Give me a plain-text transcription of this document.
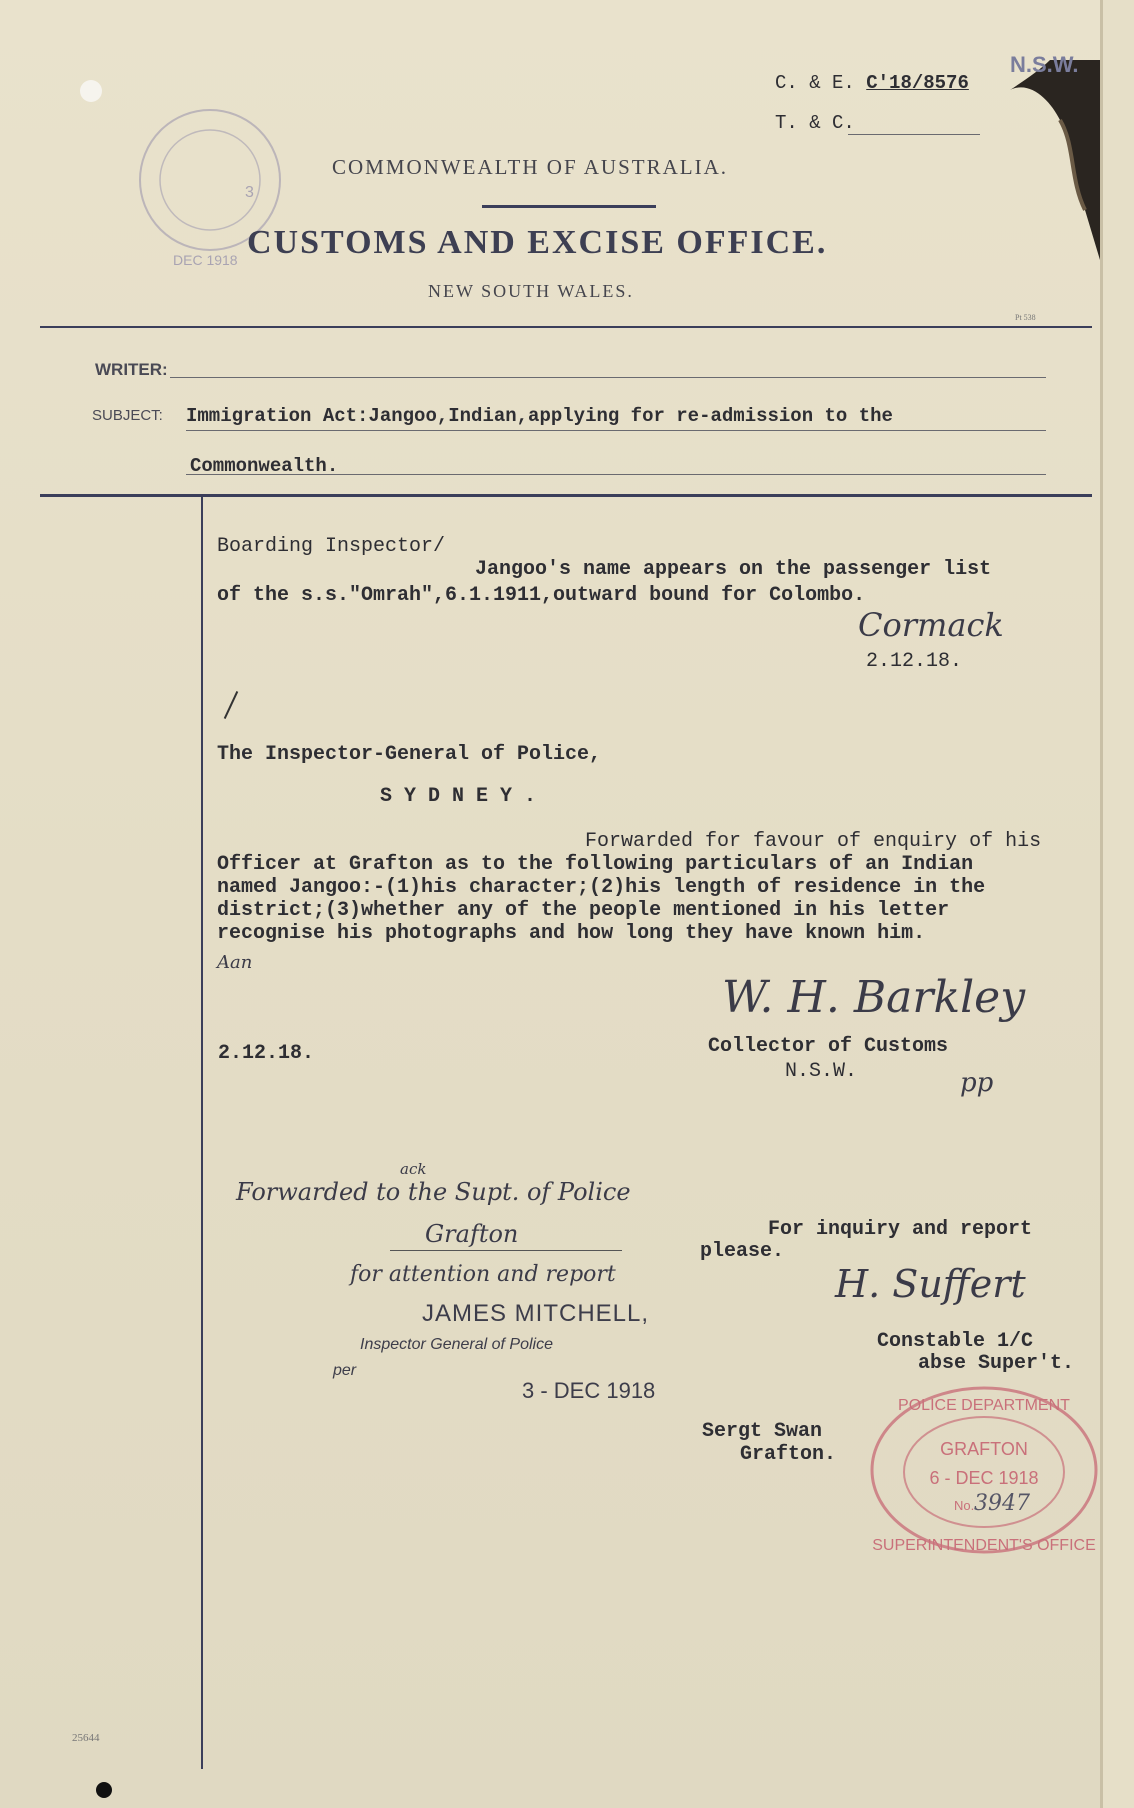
DEC 1918
3
C. & E. C'18/8576
N.S.W.
T. & C.
COMMONWEALTH OF AUSTRALIA.
CUSTOMS AND EXCISE OFFICE.
NEW SOUTH WALES.
Pt 538
WRITER:
SUBJECT: Immigration Act:Jangoo,Indian,applying for re-admission to the
Commonwealth.
Boarding Inspector/
Jangoo's name appears on the passenger list
of the s.s."Omrah",6.1.1911,outward bound for Colombo.
Cormack
2.12.18.
The Inspector-General of Police,
S Y D N E Y .
Forwarded for favour of enquiry of his
Officer at Grafton as to the following particulars of an Indian
named Jangoo:-(1)his character;(2)his length of residence in the
district;(3)whether any of the people mentioned in his letter
recognise his photographs and how long they have known him.
Aan
W. H. Barkley
2.12.18.	Collector of Customs
N.S.W.	pp
ack
Forwarded to the Supt. of Police
Grafton
for attention and report
JAMES MITCHELL,
Inspector General of Police
per
3 - DEC 1918
For inquiry and report
please.
H. Suffert
Constable 1/C
abse Super't.
Sergt Swan
Grafton.
POLICE DEPARTMENT
SUPERINTENDENT'S OFFICE
GRAFTON
6 - DEC 1918
No. 3947
25644
